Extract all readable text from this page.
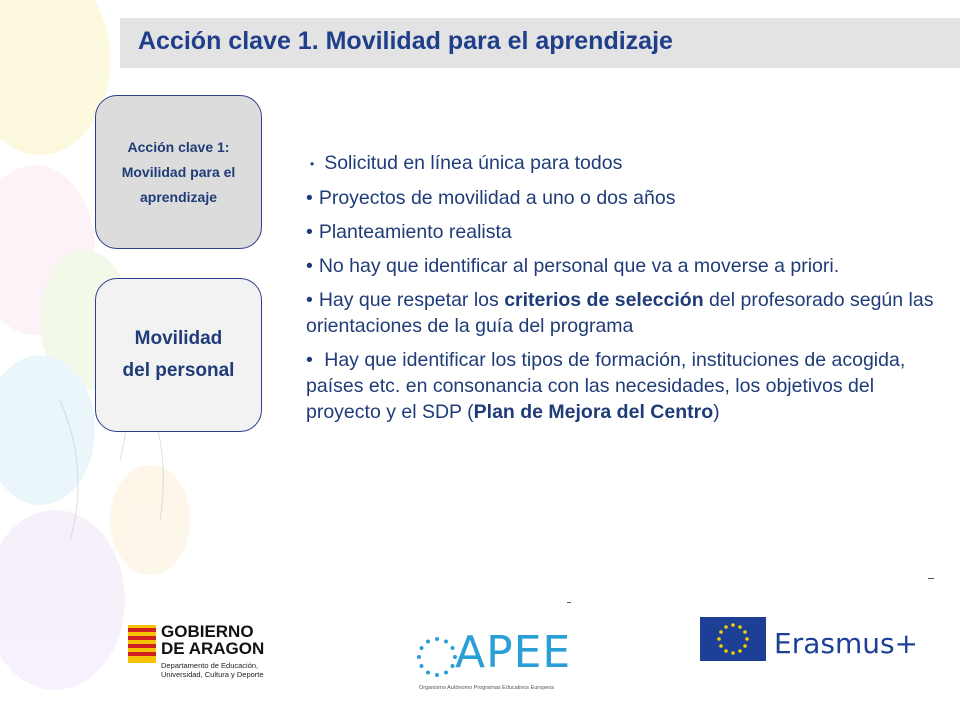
Acción clave 1. Movilidad para el aprendizaje
Acción clave 1:
Movilidad para el
aprendizaje
Movilidad
del personal
• Solicitud en línea única para todos
• Proyectos de movilidad a uno o dos años
• Planteamiento realista
• No hay que identificar al personal que va a moverse a priori.
• Hay que respetar los criterios de selección del profesorado según las orientaciones de la guía del programa
• Hay que identificar los tipos de formación, instituciones de acogida, países etc. en consonancia con las necesidades, los objetivos del proyecto y el SDP (Plan de Mejora del Centro)
GOBIERNO
DE ARAGON
Departamento de Educación,
Universidad, Cultura y Deporte	APEE
Organismo Autónomo Programas Educativos Europeos
Erasmus+
